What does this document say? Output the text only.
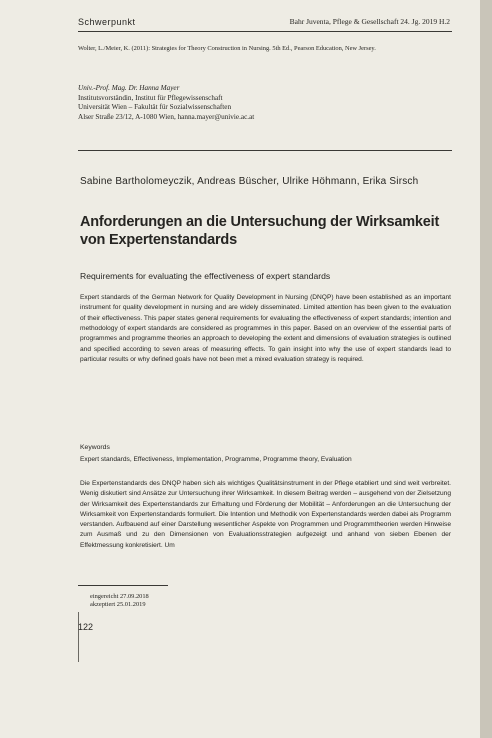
Schwerpunkt	Bahr Juventa, Pflege & Gesellschaft 24. Jg. 2019 H.2
Wolter, L./Meier, K. (2011): Strategies for Theory Construction in Nursing. 5th Ed., Pearson Education, New Jersey.
Univ.-Prof. Mag. Dr. Hanna Mayer
Institutsvorständin, Institut für Pflegewissenschaft
Universität Wien – Fakultät für Sozialwissenschaften
Alser Straße 23/12, A-1080 Wien, hanna.mayer@univie.ac.at
Sabine Bartholomeyczik, Andreas Büscher, Ulrike Höhmann, Erika Sirsch
Anforderungen an die Untersuchung der Wirksamkeit von Expertenstandards
Requirements for evaluating the effectiveness of expert standards

Expert standards of the German Network for Quality Development in Nursing (DNQP) have been established as an important instrument for quality development in nursing and are widely disseminated. Limited attention has been given to the evaluation of their effectiveness. This paper states general requirements for evaluating the effectiveness of expert standards; intention and methodology of expert standards are considered as programmes in this paper. Based on an overview of the essential parts of programmes and programme theories an approach to developing the extent and dimensions of evaluation strategies is outlined and specified according to seven areas of measuring effects. To gain insight into why the use of expert standards lead to particular results or why defined goals have not been met a mixed evaluation strategy is required.

Keywords
Expert standards, Effectiveness, Implementation, Programme, Programme theory, Evaluation

Die Expertenstandards des DNQP haben sich als wichtiges Qualitätsinstrument in der Pflege etabliert und sind weit verbreitet. Wenig diskutiert sind Ansätze zur Untersuchung ihrer Wirksamkeit. In diesem Beitrag werden – ausgehend von der Zielsetzung der Wirksamkeit des Expertenstandards zur Erhaltung und Förderung der Mobilität – Anforderungen an die Untersuchung der Wirksamkeit von Expertenstandards formuliert. Die Intention und Methodik von Expertenstandards werden dabei als Programm verstanden. Aufbauend auf einer Darstellung wesentlicher Aspekte von Programmen und Programmtheorien werden Hinweise zum Ausmaß und zu den Dimensionen von Evaluationsstrategien aufgezeigt und anhand von sieben Ebenen der Effektmessung konkretisiert. Um

eingereicht 27.09.2018
akzeptiert 25.01.2019
122
